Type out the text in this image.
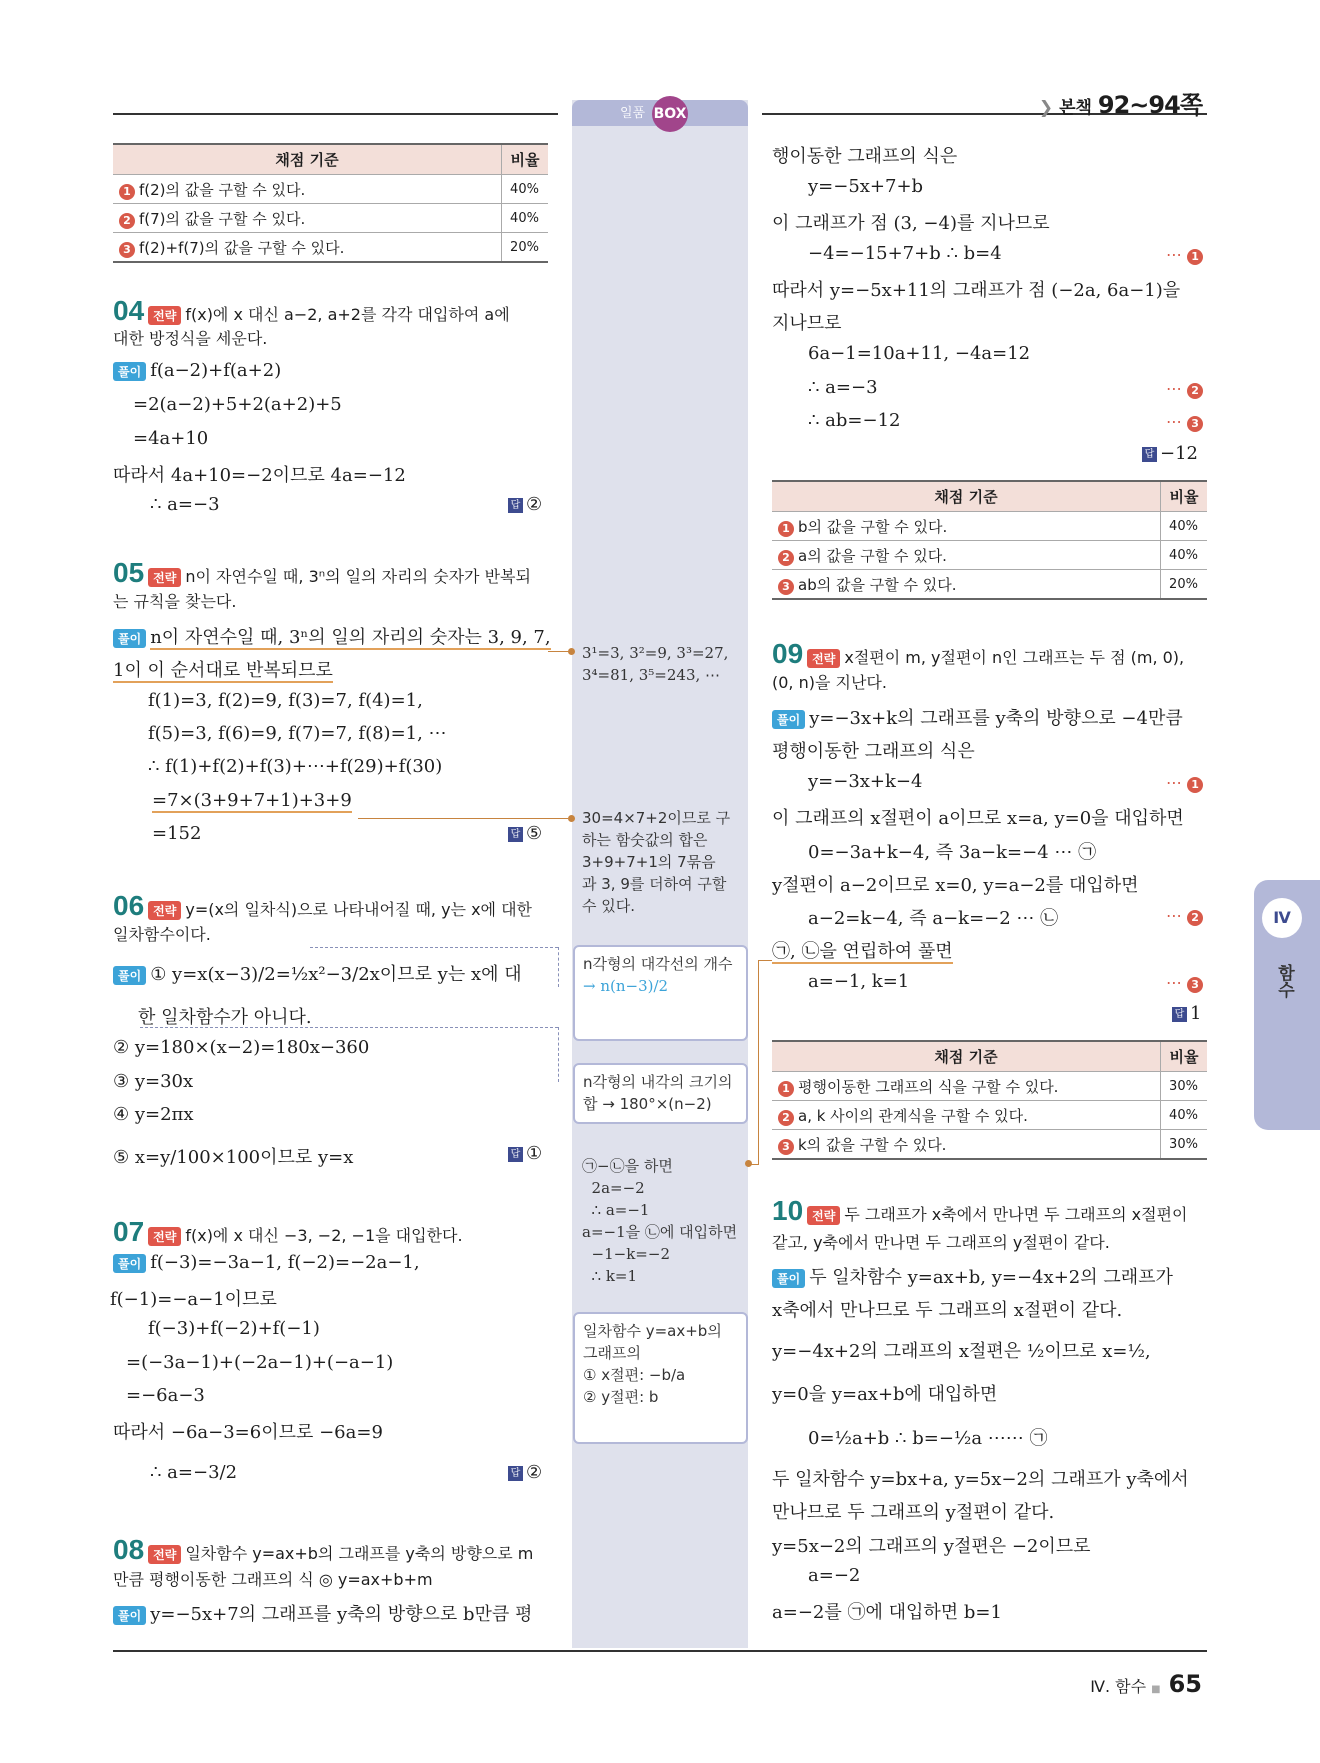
❯ 본책 92~94쪽
일품 BOX
채점 기준	비율
1 f(2)의 값을 구할 수 있다.	40%
2 f(7)의 값을 구할 수 있다.	40%
3 f(2)+f(7)의 값을 구할 수 있다.	20%
04 전략 f(x)에 x 대신 a−2, a+2를 각각 대입하여 a에
대한 방정식을 세운다.
풀이 f(a−2)+f(a+2)
=2(a−2)+5+2(a+2)+5
=4a+10
따라서 4a+10=−2이므로 4a=−12
∴ a=−3	답 ②
05 전략 n이 자연수일 때, 3ⁿ의 일의 자리의 숫자가 반복되
는 규칙을 찾는다.
풀이 n이 자연수일 때, 3ⁿ의 일의 자리의 숫자는 3, 9, 7,
1이 이 순서대로 반복되므로
f(1)=3, f(2)=9, f(3)=7, f(4)=1,
f(5)=3, f(6)=9, f(7)=7, f(8)=1, ⋯
∴ f(1)+f(2)+f(3)+⋯+f(29)+f(30)
=7×(3+9+7+1)+3+9
=152	답 ⑤
06 전략 y=(x의 일차식)으로 나타내어질 때, y는 x에 대한
일차함수이다.
풀이 ① y=x(x−3)/2=½x²−3/2x이므로 y는 x에 대
한 일차함수가 아니다.
② y=180×(x−2)=180x−360
③ y=30x
④ y=2πx
⑤ x=y/100×100이므로 y=x	답 ①
07 전략 f(x)에 x 대신 −3, −2, −1을 대입한다.
풀이 f(−3)=−3a−1, f(−2)=−2a−1,
f(−1)=−a−1이므로
f(−3)+f(−2)+f(−1)
=(−3a−1)+(−2a−1)+(−a−1)
=−6a−3
따라서 −6a−3=6이므로 −6a=9
∴ a=−3/2	답 ②
08 전략 일차함수 y=ax+b의 그래프를 y축의 방향으로 m
만큼 평행이동한 그래프의 식 ◎ y=ax+b+m
풀이 y=−5x+7의 그래프를 y축의 방향으로 b만큼 평
3¹=3, 3²=9, 3³=27,
3⁴=81, 3⁵=243, ⋯
30=4×7+2이므로 구
하는 함숫값의 합은
3+9+7+1의 7묶음
과 3, 9를 더하여 구할
수 있다.
n각형의 대각선의 개수
→ n(n−3)/2
n각형의 내각의 크기의
합 → 180°×(n−2)
㉠−㉡을 하면
2a=−2
∴ a=−1
a=−1을 ㉡에 대입하면
−1−k=−2
∴ k=1
일차함수 y=ax+b의
그래프의
① x절편: −b/a
② y절편: b
행이동한 그래프의 식은
y=−5x+7+b
이 그래프가 점 (3, −4)를 지나므로
−4=−15+7+b ∴ b=4	⋯ 1
따라서 y=−5x+11의 그래프가 점 (−2a, 6a−1)을
지나므로
6a−1=10a+11, −4a=12
∴ a=−3	⋯ 2
∴ ab=−12	⋯ 3
답 −12
채점 기준	비율
1 b의 값을 구할 수 있다.	40%
2 a의 값을 구할 수 있다.	40%
3 ab의 값을 구할 수 있다.	20%
09 전략 x절편이 m, y절편이 n인 그래프는 두 점 (m, 0),
(0, n)을 지난다.
풀이 y=−3x+k의 그래프를 y축의 방향으로 −4만큼
평행이동한 그래프의 식은
y=−3x+k−4	⋯ 1
이 그래프의 x절편이 a이므로 x=a, y=0을 대입하면
0=−3a+k−4, 즉 3a−k=−4 ⋯ ㉠
y절편이 a−2이므로 x=0, y=a−2를 대입하면
a−2=k−4, 즉 a−k=−2 ⋯ ㉡	⋯ 2
㉠, ㉡을 연립하여 풀면
a=−1, k=1	⋯ 3
답 1
채점 기준	비율
1 평행이동한 그래프의 식을 구할 수 있다.	30%
2 a, k 사이의 관계식을 구할 수 있다.	40%
3 k의 값을 구할 수 있다.	30%
10 전략 두 그래프가 x축에서 만나면 두 그래프의 x절편이
같고, y축에서 만나면 두 그래프의 y절편이 같다.
풀이 두 일차함수 y=ax+b, y=−4x+2의 그래프가
x축에서 만나므로 두 그래프의 x절편이 같다.
y=−4x+2의 그래프의 x절편은 ½이므로 x=½,
y=0을 y=ax+b에 대입하면
0=½a+b ∴ b=−½a ⋯⋯ ㉠
두 일차함수 y=bx+a, y=5x−2의 그래프가 y축에서
만나므로 두 그래프의 y절편이 같다.
y=5x−2의 그래프의 y절편은 −2이므로
a=−2
a=−2를 ㉠에 대입하면 b=1
Ⅳ
함수
Ⅳ. 함수 ■ 65
